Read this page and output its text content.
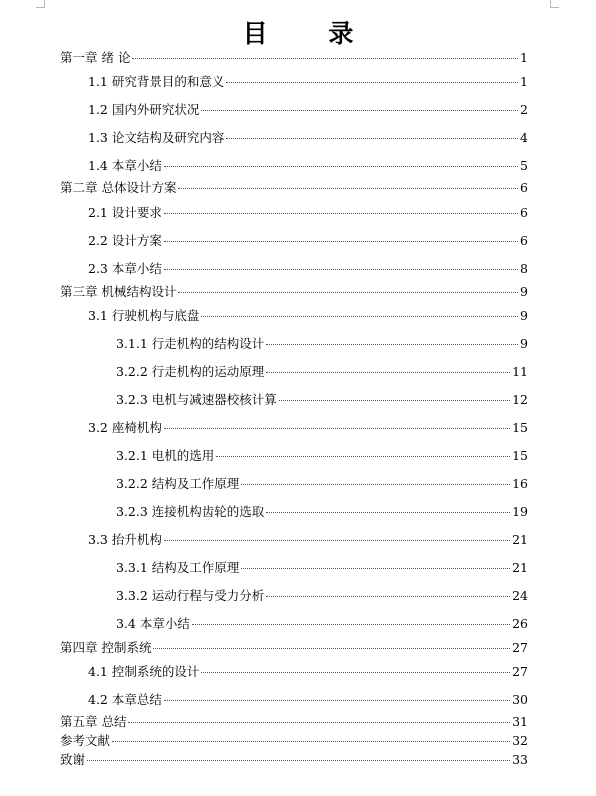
目 录
第一章 绪 论	1
1.1 研究背景目的和意义	1
1.2 国内外研究状况	2
1.3 论文结构及研究内容	4
1.4 本章小结	5
第二章 总体设计方案	6
2.1 设计要求	6
2.2 设计方案	6
2.3 本章小结	8
第三章 机械结构设计	9
3.1 行驶机构与底盘	9
3.1.1 行走机构的结构设计	9
3.2.2 行走机构的运动原理	11
3.2.3 电机与减速器校核计算	12
3.2 座椅机构	15
3.2.1 电机的选用	15
3.2.2 结构及工作原理	16
3.2.3 连接机构齿轮的选取	19
3.3 抬升机构	21
3.3.1 结构及工作原理	21
3.3.2 运动行程与受力分析	24
3.4 本章小结	26
第四章 控制系统	27
4.1 控制系统的设计	27
4.2 本章总结	30
第五章 总结	31
参考文献	32
致谢	33
